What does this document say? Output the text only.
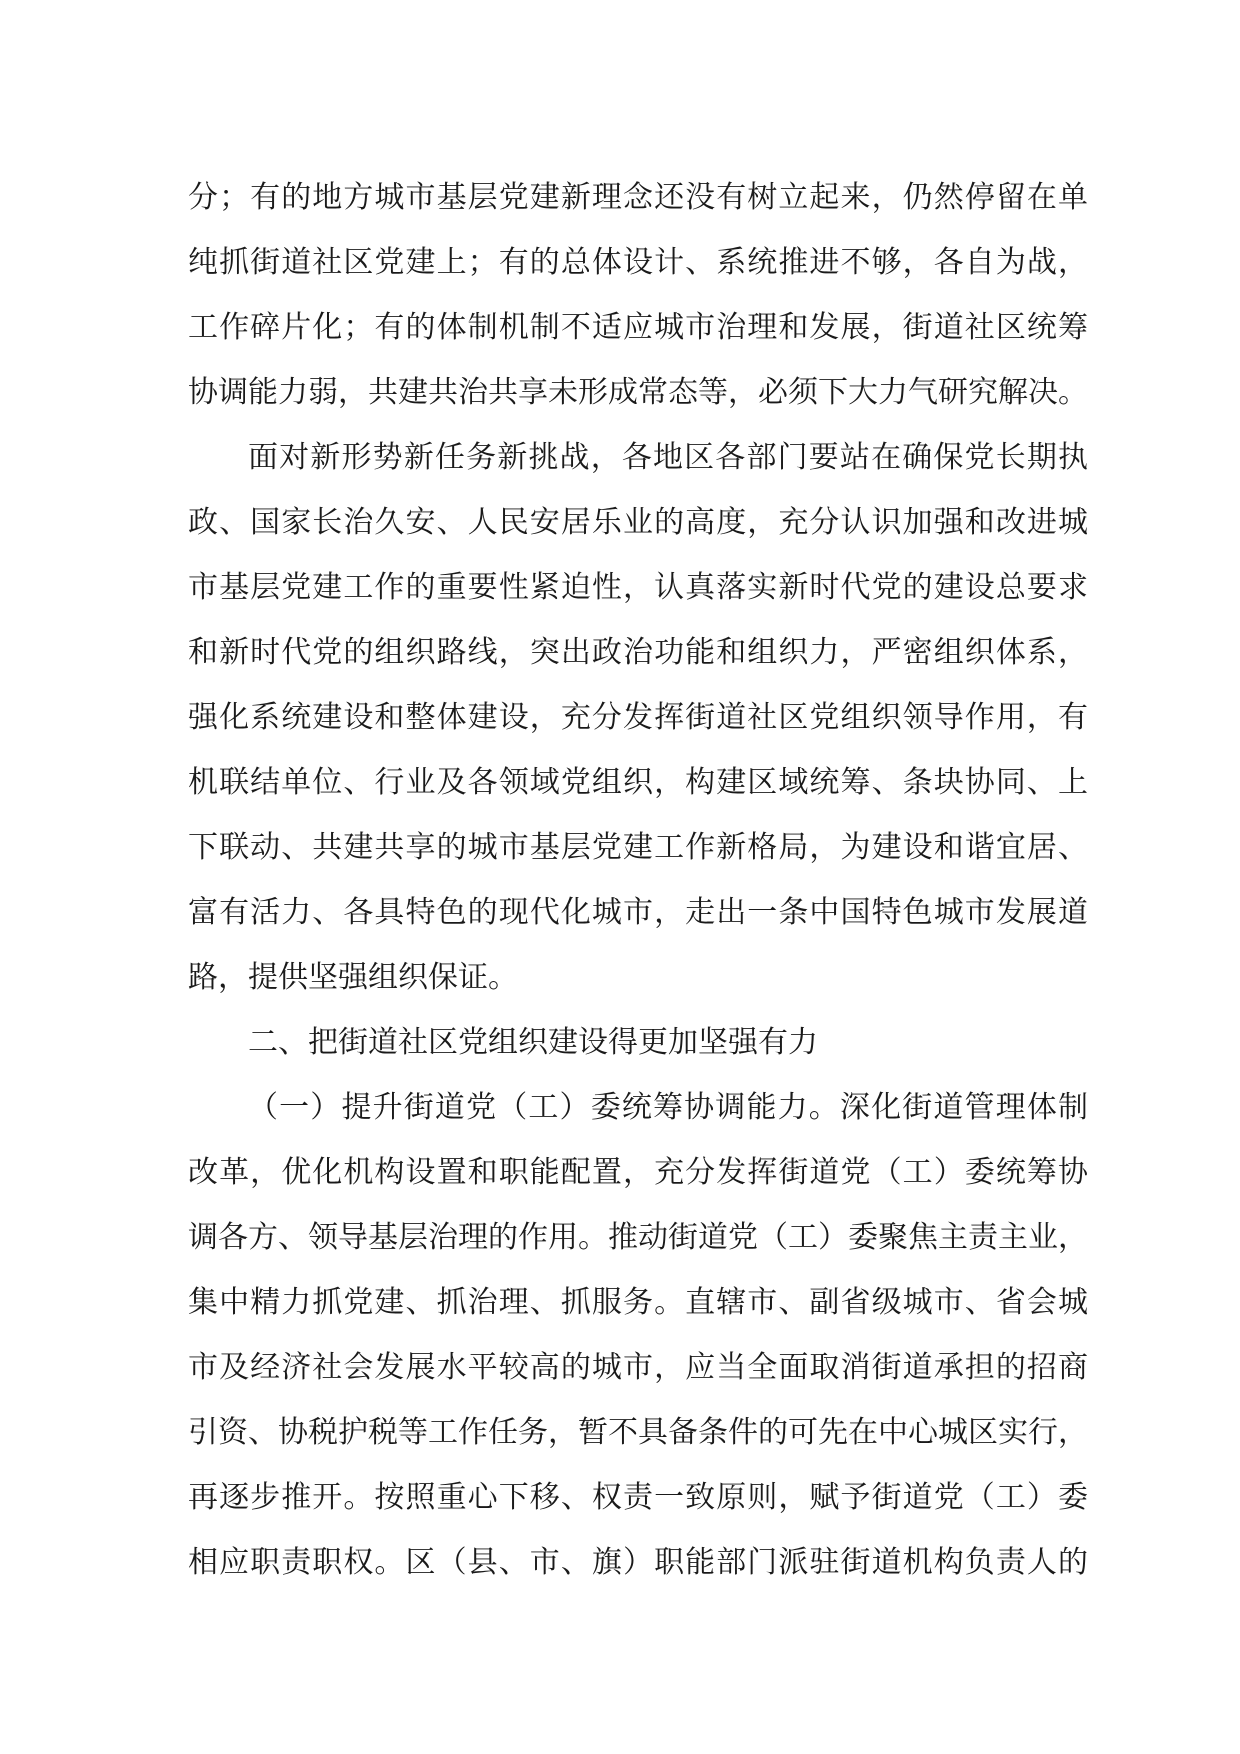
分；有的地方城市基层党建新理念还没有树立起来，仍然停留在单
纯抓街道社区党建上；有的总体设计、系统推进不够，各自为战，
工作碎片化；有的体制机制不适应城市治理和发展，街道社区统筹
协调能力弱，共建共治共享未形成常态等，必须下大力气研究解决。
面对新形势新任务新挑战，各地区各部门要站在确保党长期执
政、国家长治久安、人民安居乐业的高度，充分认识加强和改进城
市基层党建工作的重要性紧迫性，认真落实新时代党的建设总要求
和新时代党的组织路线，突出政治功能和组织力，严密组织体系，
强化系统建设和整体建设，充分发挥街道社区党组织领导作用，有
机联结单位、行业及各领域党组织，构建区域统筹、条块协同、上
下联动、共建共享的城市基层党建工作新格局，为建设和谐宜居、
富有活力、各具特色的现代化城市，走出一条中国特色城市发展道
路，提供坚强组织保证。
二、把街道社区党组织建设得更加坚强有力
（一）提升街道党（工）委统筹协调能力。深化街道管理体制
改革，优化机构设置和职能配置，充分发挥街道党（工）委统筹协
调各方、领导基层治理的作用。推动街道党（工）委聚焦主责主业，
集中精力抓党建、抓治理、抓服务。直辖市、副省级城市、省会城
市及经济社会发展水平较高的城市，应当全面取消街道承担的招商
引资、协税护税等工作任务，暂不具备条件的可先在中心城区实行，
再逐步推开。按照重心下移、权责一致原则，赋予街道党（工）委
相应职责职权。区（县、市、旗）职能部门派驻街道机构负责人的
